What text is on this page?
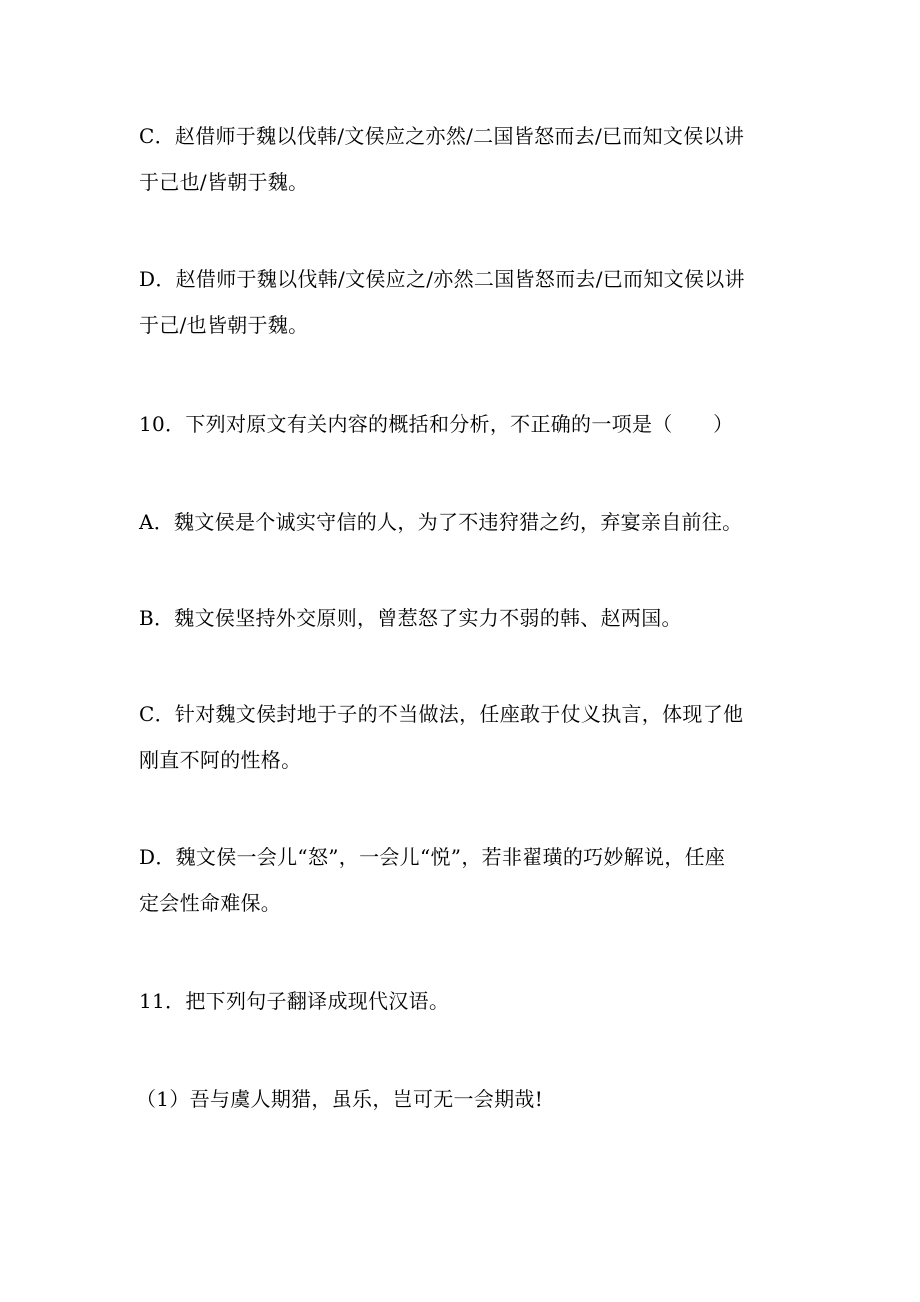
C．赵借师于魏以伐韩/文侯应之亦然/二国皆怒而去/已而知文侯以讲
于己也/皆朝于魏。
D．赵借师于魏以伐韩/文侯应之/亦然二国皆怒而去/已而知文侯以讲
于己/也皆朝于魏。
10．下列对原文有关内容的概括和分析，不正确的一项是（　　）
A．魏文侯是个诚实守信的人，为了不违狩猎之约，弃宴亲自前往。
B．魏文侯坚持外交原则，曾惹怒了实力不弱的韩、赵两国。
C．针对魏文侯封地于子的不当做法，任座敢于仗义执言，体现了他
刚直不阿的性格。
D．魏文侯一会儿“怒”，一会儿“悦”，若非翟璜的巧妙解说，任座
定会性命难保。
11．把下列句子翻译成现代汉语。
（1）吾与虞人期猎，虽乐，岂可无一会期哉!
